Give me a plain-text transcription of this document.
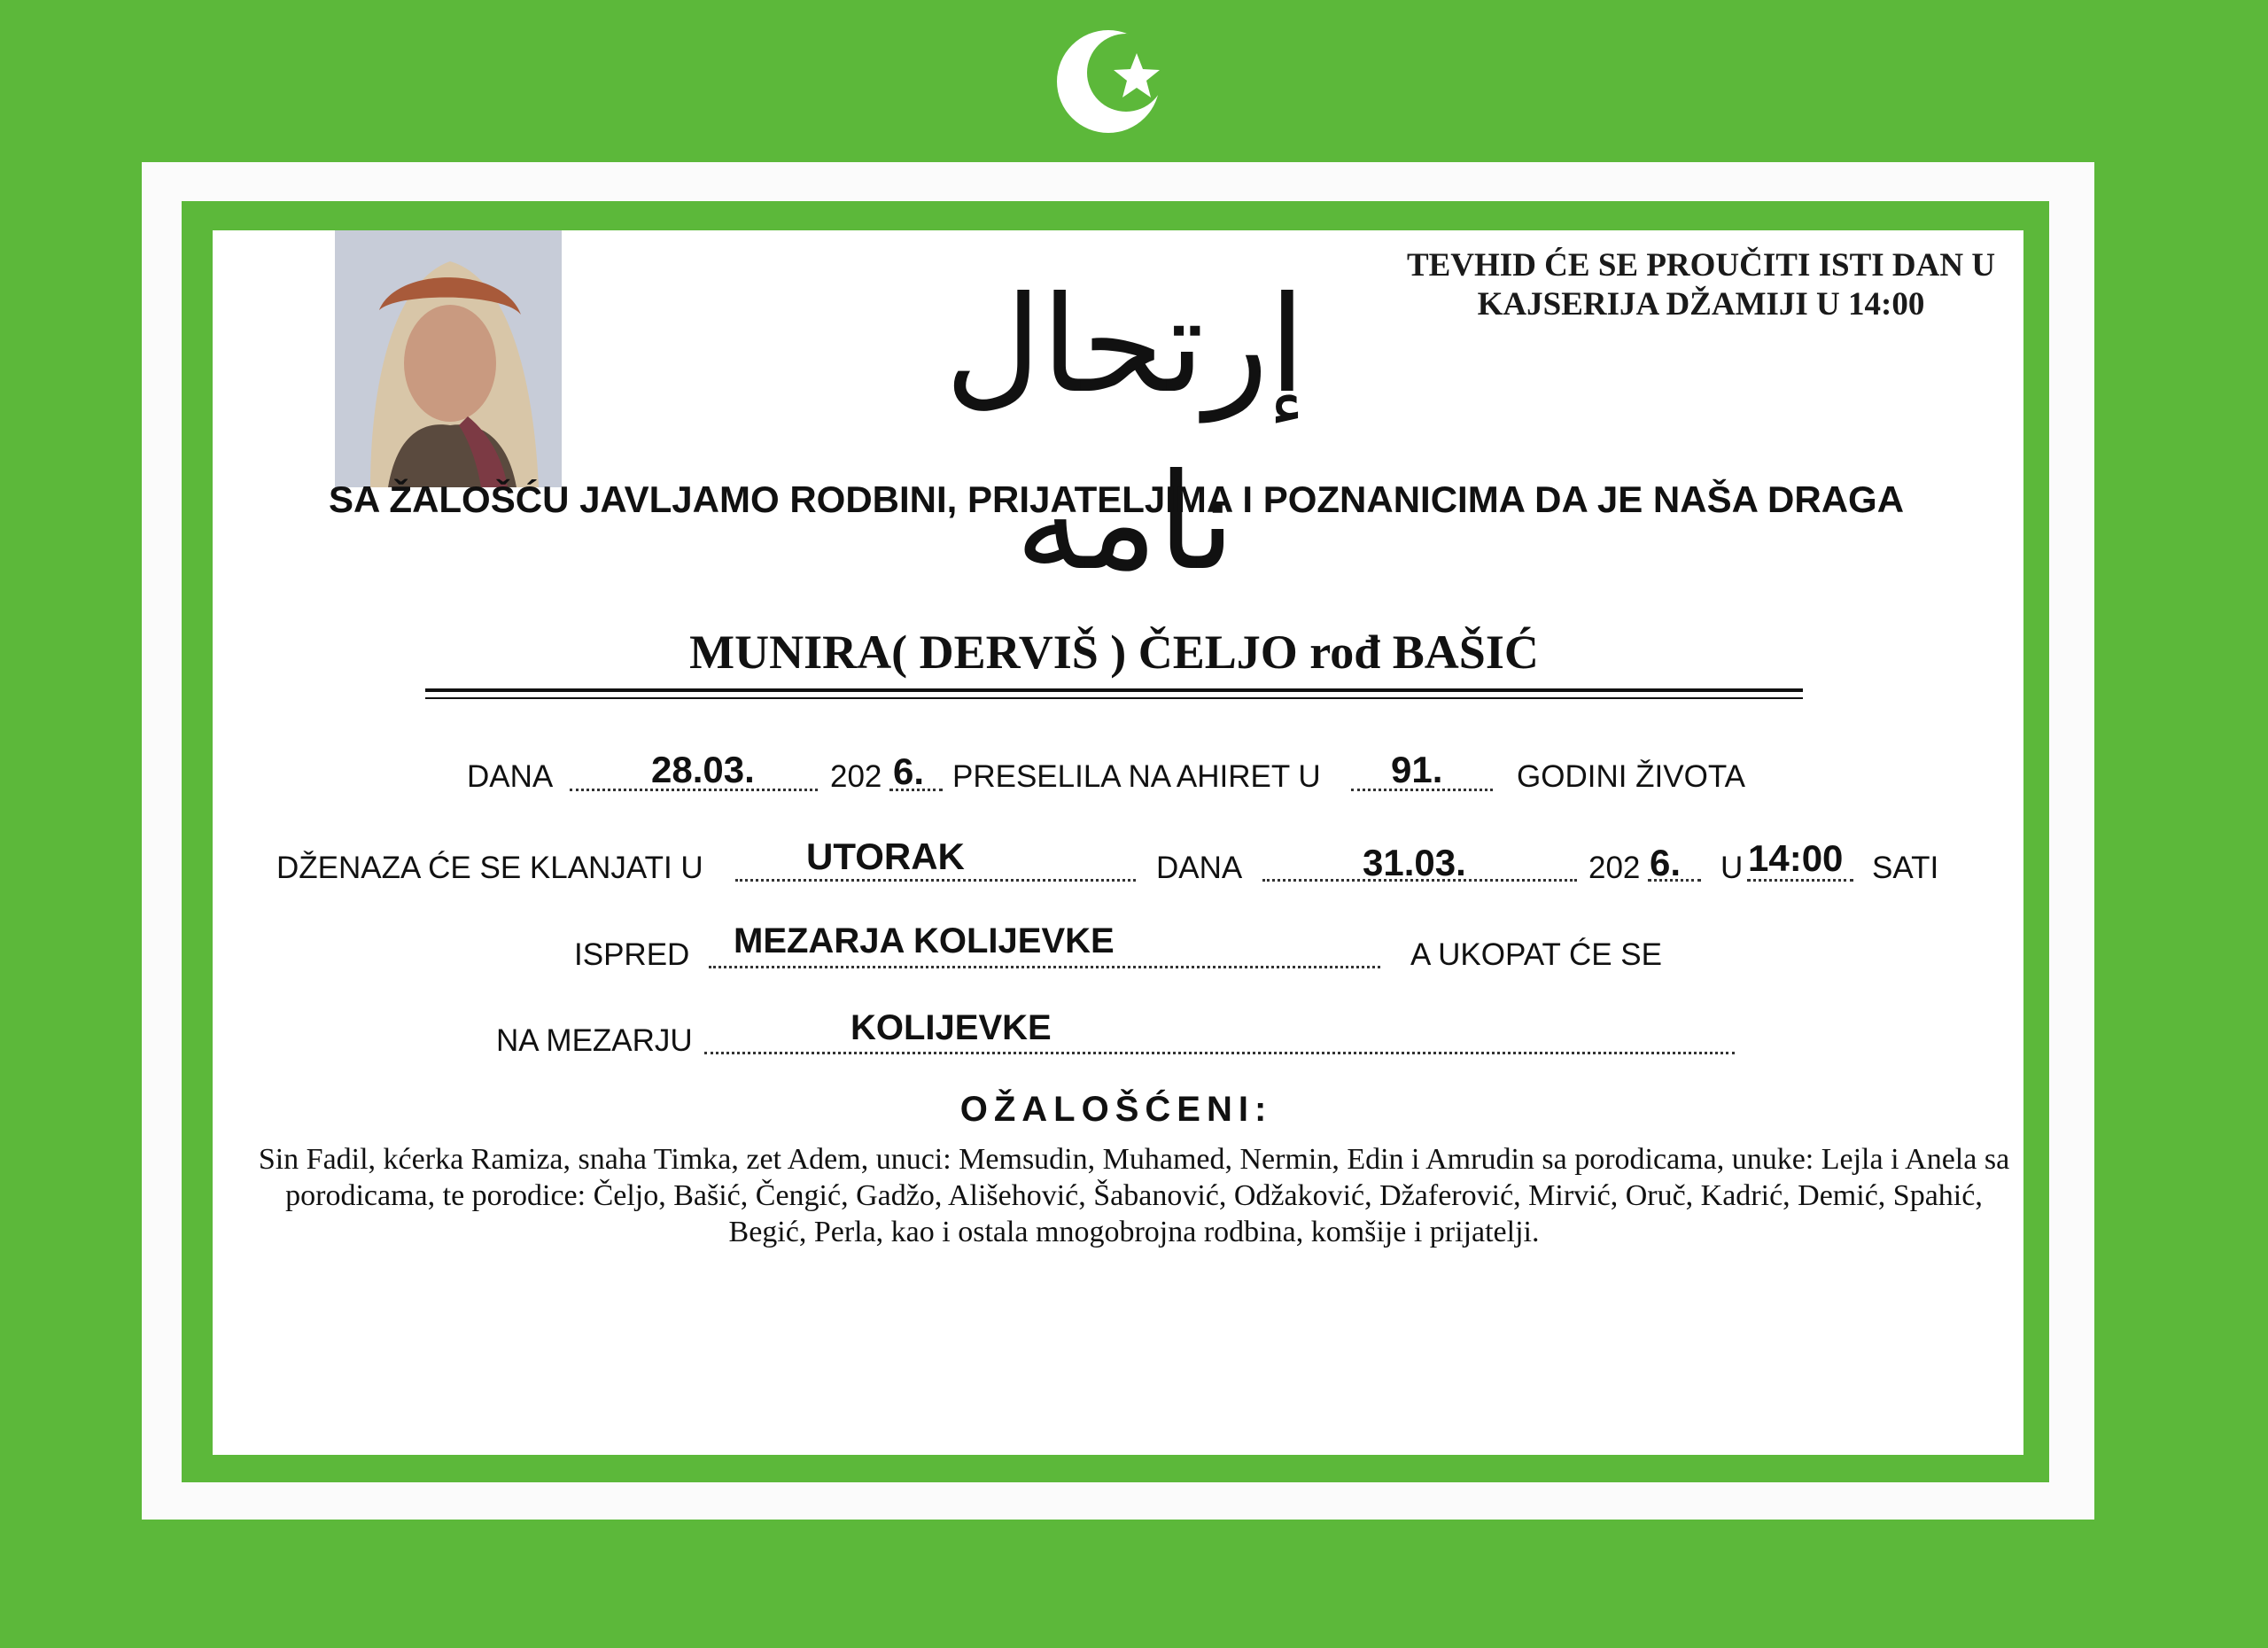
إرتحال نامه
TEVHID ĆE SE PROUČITI ISTI DAN U KAJSERIJA DŽAMIJI U 14:00
SA ŽALOŠĆU JAVLJAMO RODBINI, PRIJATELJIMA I POZNANICIMA DA JE NAŠA DRAGA
MUNIRA( DERVIŠ ) ČELJO rođ BAŠIĆ
DANA	28.03. 202 6. PRESELILA NA AHIRET U 91. GODINI ŽIVOTA
DŽENAZA ĆE SE KLANJATI U	UTORAK	DANA	31.03.	202 6. U 14:00 SATI
ISPRED MEZARJA KOLIJEVKE	A UKOPAT ĆE SE
NA MEZARJU	KOLIJEVKE
OŽALOŠĆENI:
Sin Fadil, kćerka Ramiza, snaha Timka, zet Adem, unuci: Memsudin, Muhamed, Nermin, Edin i Amrudin sa porodicama, unuke: Lejla i Anela sa porodicama, te porodice: Čeljo, Bašić, Čengić, Gadžo, Ališehović, Šabanović, Odžaković, Džaferović, Mirvić, Oruč, Kadrić, Demić, Spahić, Begić, Perla, kao i ostala mnogobrojna rodbina, komšije i prijatelji.
